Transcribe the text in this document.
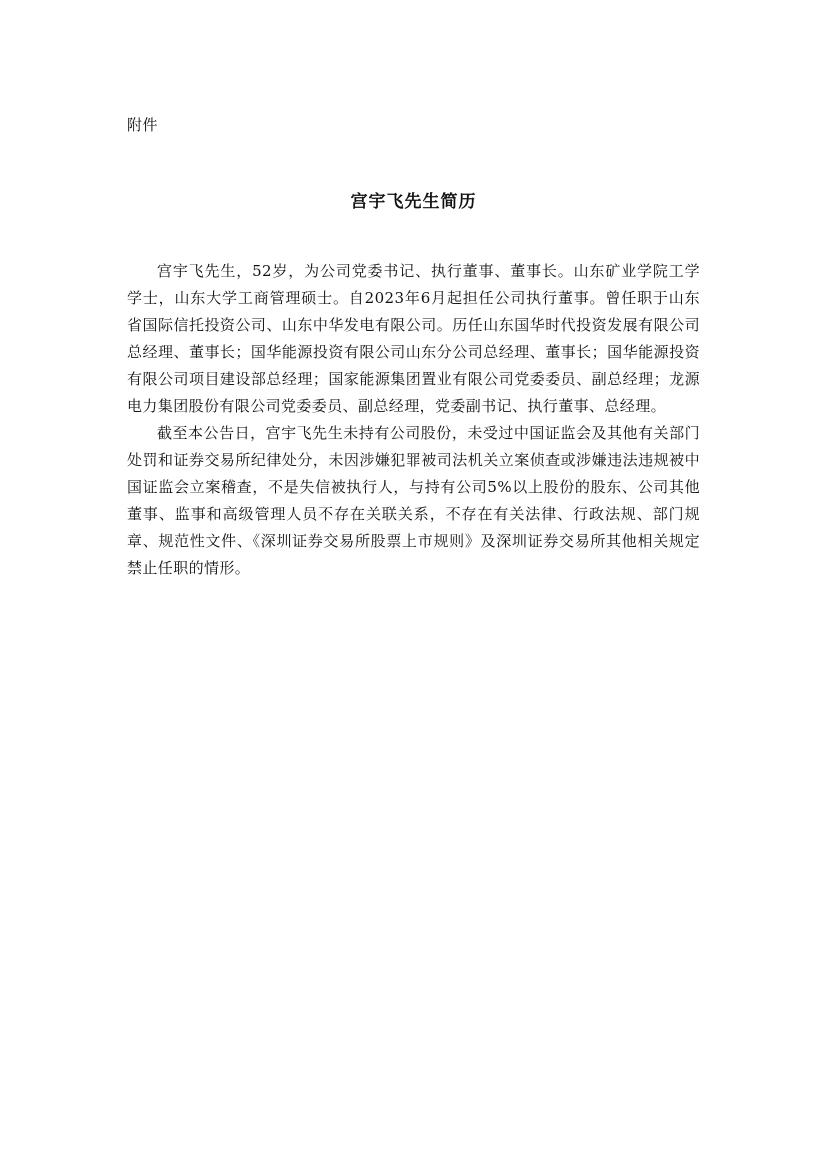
附件
宫宇飞先生简历

宫宇飞先生，52岁，为公司党委书记、执行董事、董事长。山东矿业学院工学学士，山东大学工商管理硕士。自2023年6月起担任公司执行董事。曾任职于山东省国际信托投资公司、山东中华发电有限公司。历任山东国华时代投资发展有限公司总经理、董事长；国华能源投资有限公司山东分公司总经理、董事长；国华能源投资有限公司项目建设部总经理；国家能源集团置业有限公司党委委员、副总经理；龙源电力集团股份有限公司党委委员、副总经理，党委副书记、执行董事、总经理。

截至本公告日，宫宇飞先生未持有公司股份，未受过中国证监会及其他有关部门处罚和证券交易所纪律处分，未因涉嫌犯罪被司法机关立案侦查或涉嫌违法违规被中国证监会立案稽查，不是失信被执行人，与持有公司5%以上股份的股东、公司其他董事、监事和高级管理人员不存在关联关系，不存在有关法律、行政法规、部门规章、规范性文件、《深圳证券交易所股票上市规则》及深圳证券交易所其他相关规定禁止任职的情形。
